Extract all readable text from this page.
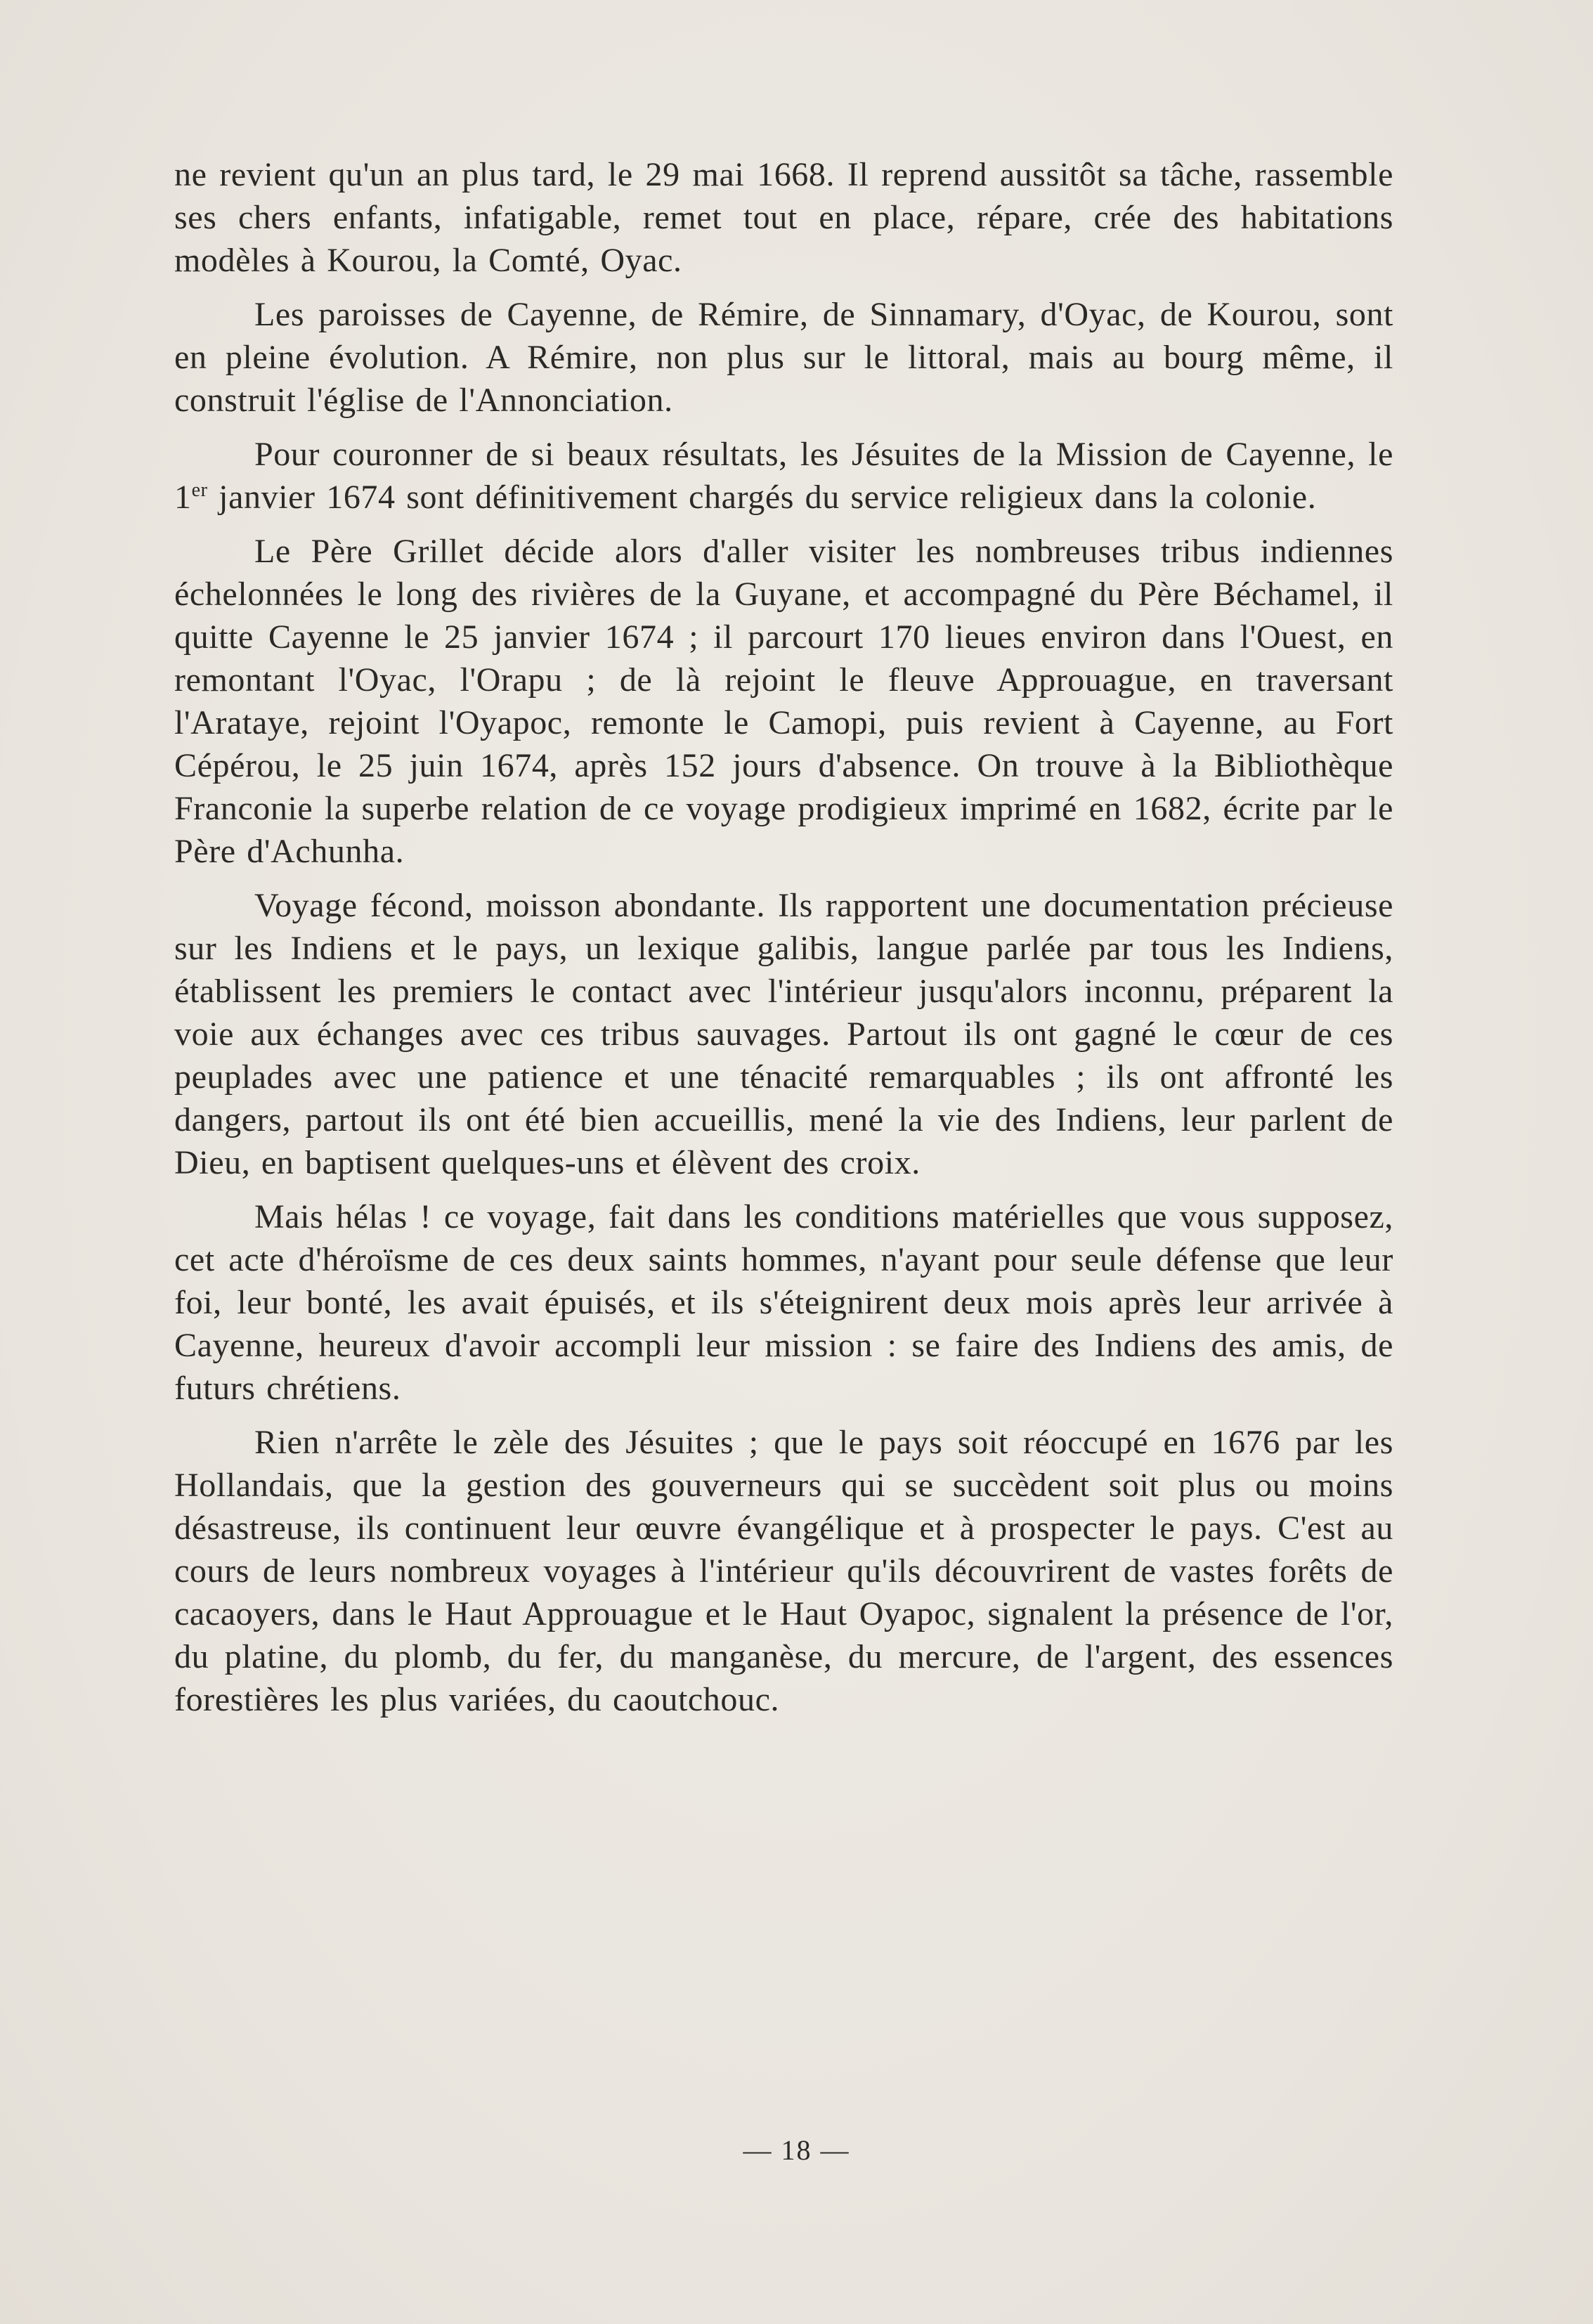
ne revient qu'un an plus tard, le 29 mai 1668. Il reprend aussitôt sa tâche, rassemble ses chers enfants, infatigable, remet tout en place, répare, crée des habitations modèles à Kourou, la Comté, Oyac.

Les paroisses de Cayenne, de Rémire, de Sinnamary, d'Oyac, de Kourou, sont en pleine évolution. A Rémire, non plus sur le littoral, mais au bourg même, il construit l'église de l'Annonciation.

Pour couronner de si beaux résultats, les Jésuites de la Mission de Cayenne, le 1er janvier 1674 sont définitivement chargés du service religieux dans la colonie.

Le Père Grillet décide alors d'aller visiter les nombreuses tribus indiennes échelonnées le long des rivières de la Guyane, et accompagné du Père Béchamel, il quitte Cayenne le 25 janvier 1674 ; il parcourt 170 lieues environ dans l'Ouest, en remontant l'Oyac, l'Orapu ; de là rejoint le fleuve Approuague, en traversant l'Arataye, rejoint l'Oyapoc, remonte le Camopi, puis revient à Cayenne, au Fort Cépérou, le 25 juin 1674, après 152 jours d'absence. On trouve à la Bibliothèque Franconie la superbe relation de ce voyage prodigieux imprimé en 1682, écrite par le Père d'Achunha.

Voyage fécond, moisson abondante. Ils rapportent une documentation précieuse sur les Indiens et le pays, un lexique galibis, langue parlée par tous les Indiens, établissent les premiers le contact avec l'intérieur jusqu'alors inconnu, préparent la voie aux échanges avec ces tribus sauvages. Partout ils ont gagné le cœur de ces peuplades avec une patience et une ténacité remarquables ; ils ont affronté les dangers, partout ils ont été bien accueillis, mené la vie des Indiens, leur parlent de Dieu, en baptisent quelques-uns et élèvent des croix.

Mais hélas ! ce voyage, fait dans les conditions matérielles que vous supposez, cet acte d'héroïsme de ces deux saints hommes, n'ayant pour seule défense que leur foi, leur bonté, les avait épuisés, et ils s'éteignirent deux mois après leur arrivée à Cayenne, heureux d'avoir accompli leur mission : se faire des Indiens des amis, de futurs chrétiens.

Rien n'arrête le zèle des Jésuites ; que le pays soit réoccupé en 1676 par les Hollandais, que la gestion des gouverneurs qui se succèdent soit plus ou moins désastreuse, ils continuent leur œuvre évangélique et à prospecter le pays. C'est au cours de leurs nombreux voyages à l'intérieur qu'ils découvrirent de vastes forêts de cacaoyers, dans le Haut Approuague et le Haut Oyapoc, signalent la présence de l'or, du platine, du plomb, du fer, du manganèse, du mercure, de l'argent, des essences forestières les plus variées, du caoutchouc.

— 18 —
